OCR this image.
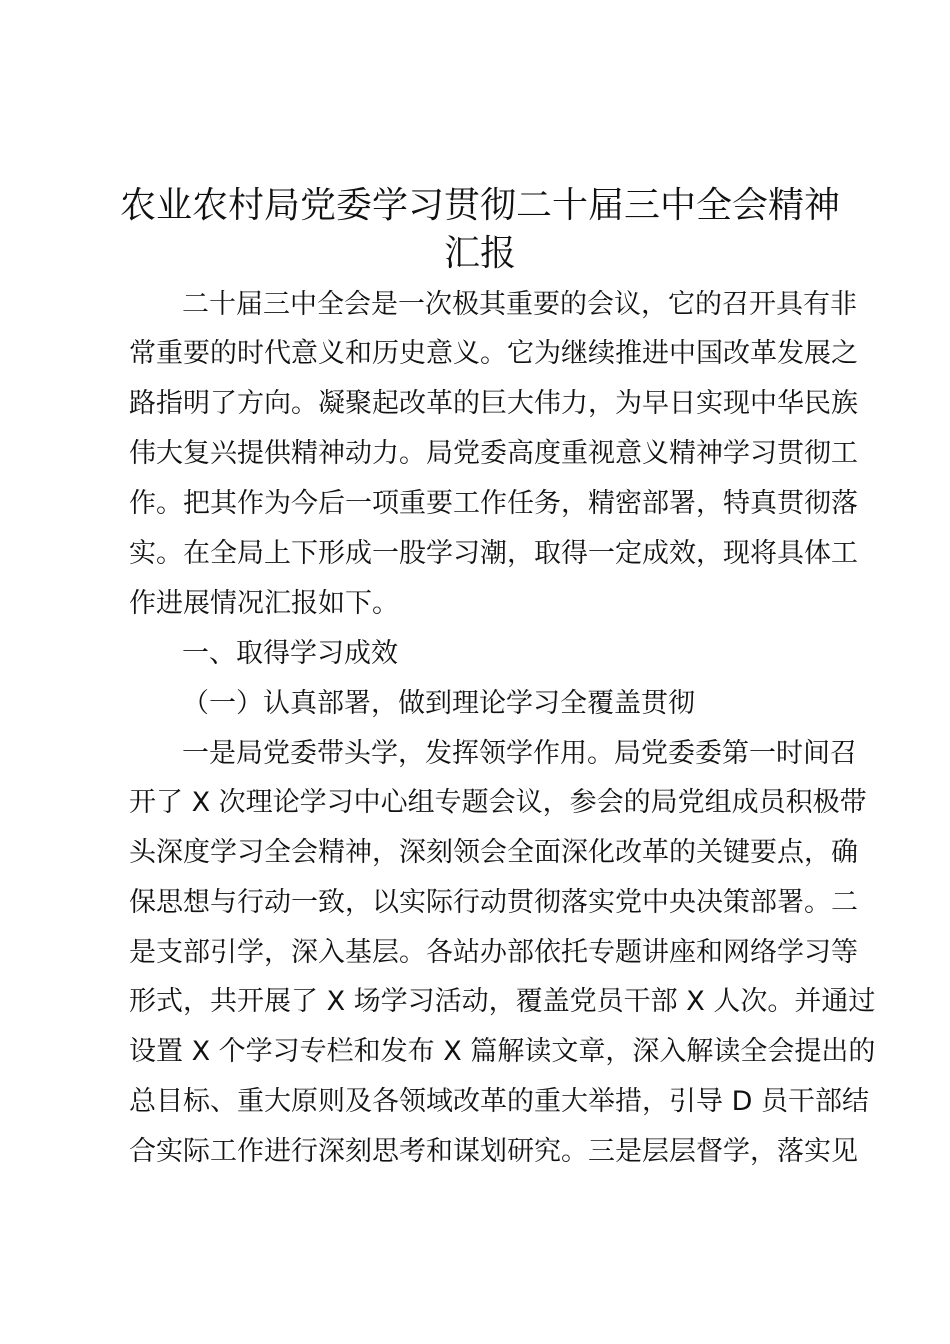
农业农村局党委学习贯彻二十届三中全会精神
汇报

二十届三中全会是一次极其重要的会议，它的召开具有非

常重要的时代意义和历史意义。它为继续推进中国改革发展之

路指明了方向。凝聚起改革的巨大伟力，为早日实现中华民族

伟大复兴提供精神动力。局党委高度重视意义精神学习贯彻工

作。把其作为今后一项重要工作任务，精密部署，特真贯彻落

实。在全局上下形成一股学习潮，取得一定成效，现将具体工

作进展情况汇报如下。

一、取得学习成效

（一）认真部署，做到理论学习全覆盖贯彻

一是局党委带头学，发挥领学作用。局党委委第一时间召

开了 X 次理论学习中心组专题会议，参会的局党组成员积极带

头深度学习全会精神，深刻领会全面深化改革的关键要点，确

保思想与行动一致，以实际行动贯彻落实党中央决策部署。二

是支部引学，深入基层。各站办部依托专题讲座和网络学习等

形式，共开展了 X 场学习活动，覆盖党员干部 X 人次。并通过

设置 X 个学习专栏和发布 X 篇解读文章，深入解读全会提出的

总目标、重大原则及各领域改革的重大举措，引导 D 员干部结

合实际工作进行深刻思考和谋划研究。三是层层督学，落实见
